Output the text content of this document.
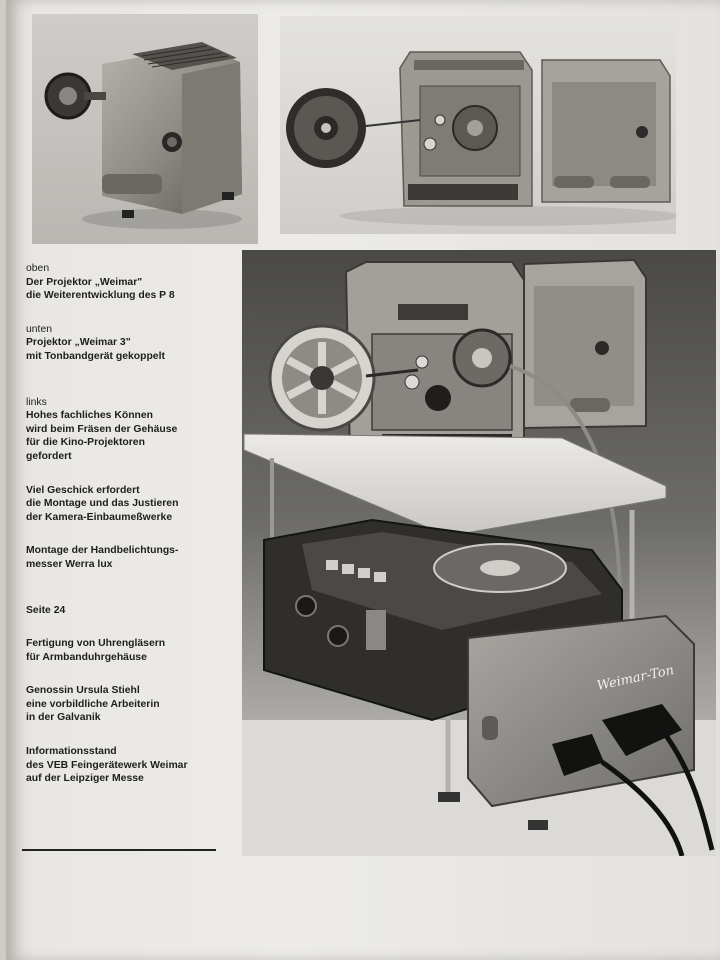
Weimar-Ton

oben

Der Projektor „Weimar"

die Weiterentwicklung des P 8

unten

Projektor „Weimar 3"

mit Tonbandgerät gekoppelt

links

Hohes fachliches Können

wird beim Fräsen der Gehäuse

für die Kino-Projektoren

gefordert

Viel Geschick erfordert

die Montage und das Justieren

der Kamera-Einbaumeßwerke

Montage der Handbelichtungs-

messer Werra lux

Seite 24

Fertigung von Uhrengläsern

für Armbanduhrgehäuse

Genossin Ursula Stiehl

eine vorbildliche Arbeiterin

in der Galvanik

Informationsstand

des VEB Feingerätewerk Weimar

auf der Leipziger Messe
